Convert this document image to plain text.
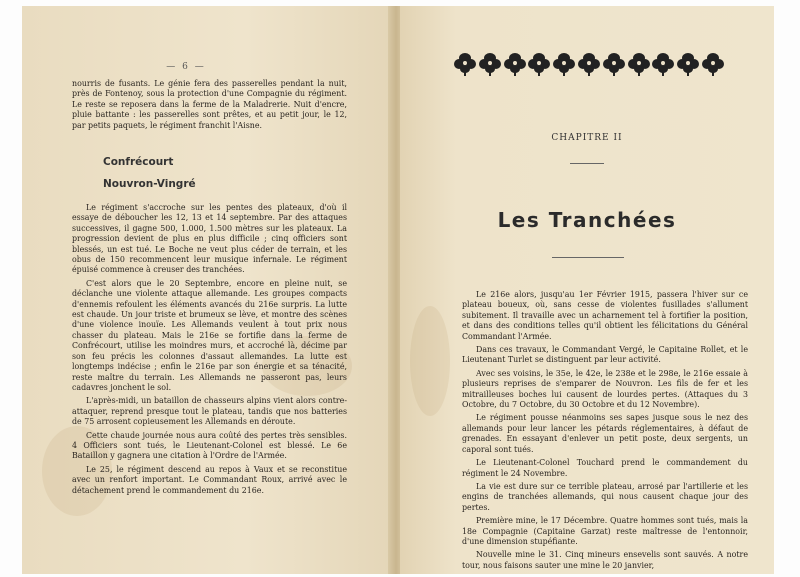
— 6 —

nourris de fusants. Le génie fera des passerelles pendant la nuit, près de Fontenoy, sous la protection d'une Compagnie du régiment. Le reste se reposera dans la ferme de la Maladrerie. Nuit d'encre, pluie battante : les passerelles sont prêtes, et au petit jour, le 12, par petits paquets, le régiment franchit l'Aisne.

Confrécourt
Nouvron-Vingré

Le régiment s'accroche sur les pentes des plateaux, d'où il essaye de déboucher les 12, 13 et 14 septembre. Par des attaques successives, il gagne 500, 1.000, 1.500 mètres sur les plateaux. La progression devient de plus en plus difficile ; cinq officiers sont blessés, un est tué. Le Boche ne veut plus céder de terrain, et les obus de 150 recommencent leur musique infernale. Le régiment épuisé commence à creuser des tranchées.

C'est alors que le 20 Septembre, encore en pleine nuit, se déclanche une violente attaque allemande. Les groupes compacts d'ennemis refoulent les éléments avancés du 216e surpris. La lutte est chaude. Un jour triste et brumeux se lève, et montre des scènes d'une violence inouïe. Les Allemands veulent à tout prix nous chasser du plateau. Mais le 216e se fortifie dans la ferme de Confrécourt, utilise les moindres murs, et accroché là, décime par son feu précis les colonnes d'assaut allemandes. La lutte est longtemps indécise ; enfin le 216e par son énergie et sa ténacité, reste maître du terrain. Les Allemands ne passeront pas, leurs cadavres jonchent le sol.

L'après-midi, un bataillon de chasseurs alpins vient alors contre-attaquer, reprend presque tout le plateau, tandis que nos batteries de 75 arrosent copieusement les Allemands en déroute.

Cette chaude journée nous aura coûté des pertes très sensibles. 4 Officiers sont tués, le Lieutenant-Colonel est blessé. Le 6e Bataillon y gagnera une citation à l'Ordre de l'Armée.

Le 25, le régiment descend au repos à Vaux et se reconstitue avec un renfort important. Le Commandant Roux, arrivé avec le détachement prend le commandement du 216e.

CHAPITRE II
Les Tranchées

Le 216e alors, jusqu'au 1er Février 1915, passera l'hiver sur ce plateau boueux, où, sans cesse de violentes fusillades s'allument subitement. Il travaille avec un acharnement tel à fortifier la position, et dans des conditions telles qu'il obtient les félicitations du Général Commandant l'Armée.

Dans ces travaux, le Commandant Vergé, le Capitaine Rollet, et le Lieutenant Turlet se distinguent par leur activité.

Avec ses voisins, le 35e, le 42e, le 238e et le 298e, le 216e essaie à plusieurs reprises de s'emparer de Nouvron. Les fils de fer et les mitrailleuses boches lui causent de lourdes pertes. (Attaques du 3 Octobre, du 7 Octobre, du 30 Octobre et du 12 Novembre).

Le régiment pousse néanmoins ses sapes jusque sous le nez des allemands pour leur lancer les pétards réglementaires, à défaut de grenades. En essayant d'enlever un petit poste, deux sergents, un caporal sont tués.

Le Lieutenant-Colonel Touchard prend le commandement du régiment le 24 Novembre.

La vie est dure sur ce terrible plateau, arrosé par l'artillerie et les engins de tranchées allemands, qui nous causent chaque jour des pertes.

Première mine, le 17 Décembre. Quatre hommes sont tués, mais la 18e Compagnie (Capitaine Garzat) reste maîtresse de l'entonnoir, d'une dimension stupéfiante.

Nouvelle mine le 31. Cinq mineurs ensevelis sont sauvés. A notre tour, nous faisons sauter une mine le 20 janvier,
